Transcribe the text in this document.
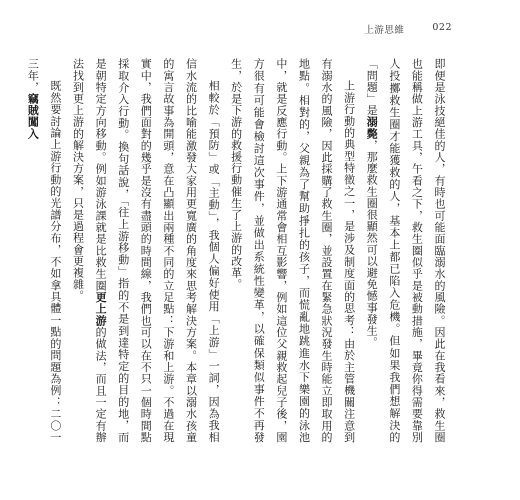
上游思維	022

即便是泳技絕佳的人，有時也可能面臨溺水的風險。因此在我看來，救生圈也能稱做上游工具，午看之下，救生圈似乎是被動措施，畢竟你得需要靠別人投擲救生圈才能獲救的人，基本上都已陷入危機。但如果我們想解決的「問題」是溺斃，那麼救生圈很顯然可以避免憾事發生。

上游行動的典型特徵之一，是涉及制度面的思考：由於主管機關注意到有溺水的風險，因此採購了救生圈，並設置在緊急狀況發生時能立即取用的地點。相對的，父親為了幫助掙扎的孩子，而慌亂地跳進水下樂園的泳池中，就是反應行動。上下游通常會相互影響，例如這位父親救起兒子後，園方很有可能會檢討這次事件，並做出系統性變革，以確保類似事件不再發生，於是下游的救援行動催生了上游的改革。

相較於「預防」或「主動」，我個人偏好使用「上游」一詞，因為我相信水流的比喻能激發大家用更寬廣的角度來思考解決方案。本章以溺水孩童的寓言故事為開頭，意在凸顯出兩種不同的立足點：下游和上游。不過在現實中，我們面對的幾乎是沒有盡頭的時間線，我們也可以在不只一個時間點採取介入行動。換句話說，「往上游移動」指的不是到達特定的目的地，而是朝特定方向移動。例如游泳課就是比救生圈更上游的做法，而且一定有辦法找到更上游的解決方案，只是過程會更複雜。

既然要討論上游行動的光譜分布，不如拿具體一點的問題為例：二〇一三年，竊賊闖入
